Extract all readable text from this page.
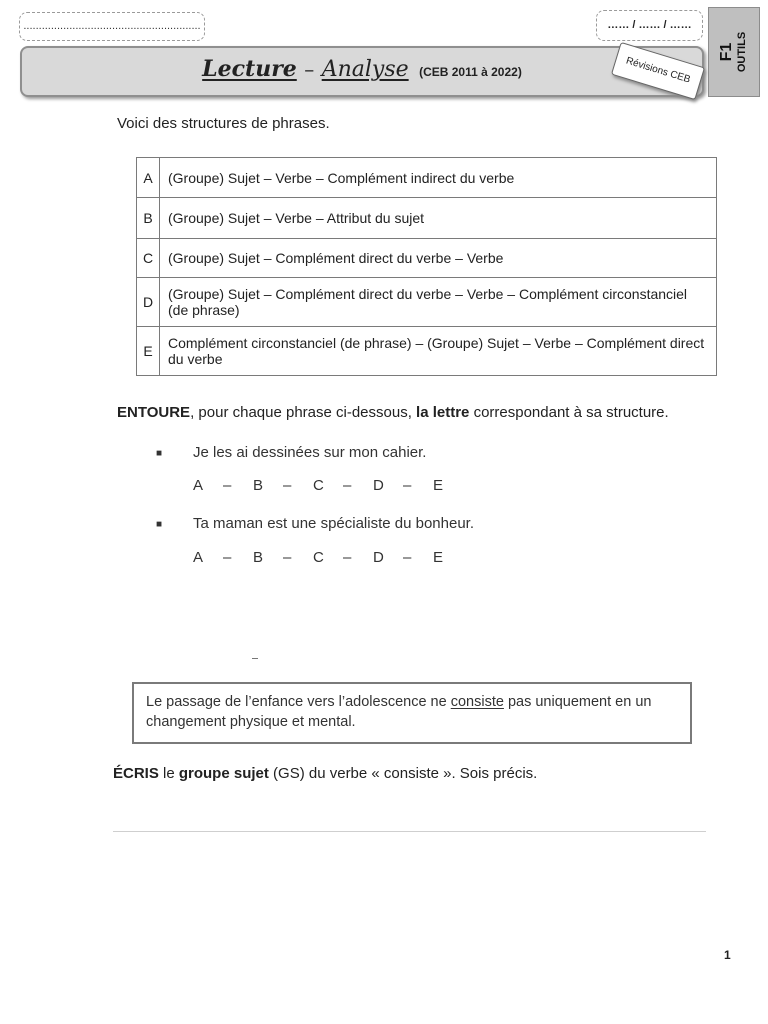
..........................................................	…… / …… / ……
Lecture – Analyse (CEB 2011 à 2022)	Révisions CEB
F1 OUTILS
Voici des structures de phrases.
A	(Groupe) Sujet – Verbe – Complément indirect du verbe
B	(Groupe) Sujet – Verbe – Attribut du sujet
C	(Groupe) Sujet – Complément direct du verbe – Verbe
D	(Groupe) Sujet – Complément direct du verbe – Verbe – Complément circonstanciel (de phrase)
E	Complément circonstanciel (de phrase) – (Groupe) Sujet – Verbe – Complément direct du verbe
ENTOURE, pour chaque phrase ci-dessous, la lettre correspondant à sa structure.
■ Je les ai dessinées sur mon cahier.
A – B – C – D – E
■ Ta maman est une spécialiste du bonheur.
A – B – C – D – E
Le passage de l’enfance vers l’adolescence ne consiste pas uniquement en un changement physique et mental.
ÉCRIS le groupe sujet (GS) du verbe « consiste ». Sois précis.
1
